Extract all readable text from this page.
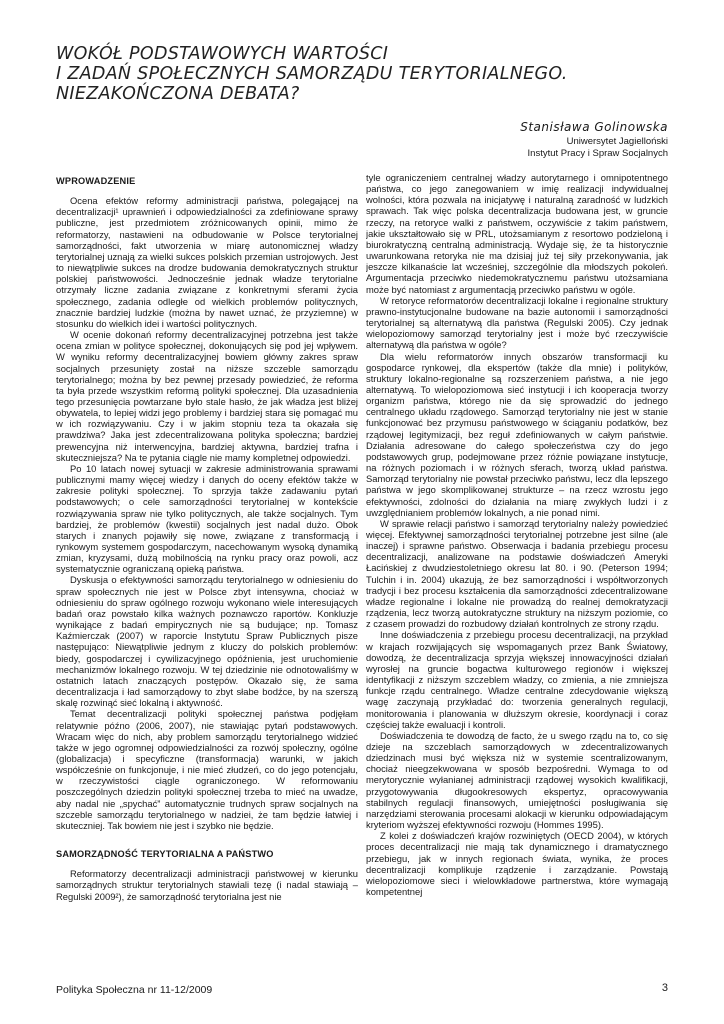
WOKÓŁ PODSTAWOWYCH WARTOŚCI
I ZADAŃ SPOŁECZNYCH SAMORZĄDU TERYTORIALNEGO.
NIEZAKOŃCZONA DEBATA?
Stanisława Golinowska
Uniwersytet Jagielloński
Instytut Pracy i Spraw Socjalnych
WPROWADZENIE

Ocena efektów reformy administracji państwa, polegającej na decentralizacji¹ uprawnień i odpowiedzialności za zdefiniowane sprawy publiczne, jest przedmiotem zróżnicowanych opinii, mimo że reformatorzy, nastawieni na odbudowanie w Polsce terytorialnej samorządności, fakt utworzenia w miarę autonomicznej władzy terytorialnej uznają za wielki sukces polskich przemian ustrojowych. Jest to niewątpliwie sukces na drodze budowania demokratycznych struktur polskiej państwowości. Jednocześnie jednak władze terytorialne otrzymały liczne zadania związane z konkretnymi sferami życia społecznego, zadania odległe od wielkich problemów politycznych, znacznie bardziej ludzkie (można by nawet uznać, że przyziemne) w stosunku do wielkich idei i wartości politycznych.

W ocenie dokonań reformy decentralizacyjnej potrzebna jest także ocena zmian w polityce społecznej, dokonujących się pod jej wpływem. W wyniku reformy decentralizacyjnej bowiem główny zakres spraw socjalnych przesunięty został na niższe szczeble samorządu terytorialnego; można by bez pewnej przesady powiedzieć, że reforma ta była przede wszystkim reformą polityki społecznej. Dla uzasadnienia tego przesunięcia powtarzane było stale hasło, że jak władza jest bliżej obywatela, to lepiej widzi jego problemy i bardziej stara się pomagać mu w ich rozwiązywaniu. Czy i w jakim stopniu teza ta okazała się prawdziwa? Jaka jest zdecentralizowana polityka społeczna; bardziej prewencyjna niż interwencyjna, bardziej aktywna, bardziej trafna i skuteczniejsza? Na te pytania ciągle nie mamy kompletnej odpowiedzi.

Po 10 latach nowej sytuacji w zakresie administrowania sprawami publicznymi mamy więcej wiedzy i danych do oceny efektów także w zakresie polityki społecznej. To sprzyja także zadawaniu pytań podstawowych; o cele samorządności terytorialnej w kontekście rozwiązywania spraw nie tylko politycznych, ale także socjalnych. Tym bardziej, że problemów (kwestii) socjalnych jest nadal dużo. Obok starych i znanych pojawiły się nowe, związane z transformacją i rynkowym systemem gospodarczym, nacechowanym wysoką dynamiką zmian, kryzysami, dużą mobilnością na rynku pracy oraz powoli, acz systematycznie ograniczaną opieką państwa.

Dyskusja o efektywności samorządu terytorialnego w odniesieniu do spraw społecznych nie jest w Polsce zbyt intensywna, chociaż w odniesieniu do spraw ogólnego rozwoju wykonano wiele interesujących badań oraz powstało kilka ważnych poznawczo raportów. Konkluzje wynikające z badań empirycznych nie są budujące; np. Tomasz Kaźmierczak (2007) w raporcie Instytutu Spraw Publicznych pisze następująco: Niewątpliwie jednym z kluczy do polskich problemów: biedy, gospodarczej i cywilizacyjnego opóźnienia, jest uruchomienie mechanizmów lokalnego rozwoju. W tej dziedzinie nie odnotowaliśmy w ostatnich latach znaczących postępów. Okazało się, że sama decentralizacja i ład samorządowy to zbyt słabe bodźce, by na szerszą skalę rozwinąć sieć lokalną i aktywność.

Temat decentralizacji polityki społecznej państwa podjęłam relatywnie późno (2006, 2007), nie stawiając pytań podstawowych. Wracam więc do nich, aby problem samorządu terytorialnego widzieć także w jego ogromnej odpowiedzialności za rozwój społeczny, ogólne (globalizacja) i specyficzne (transformacja) warunki, w jakich współcześnie on funkcjonuje, i nie mieć złudzeń, co do jego potencjału, w rzeczywistości ciągle ograniczonego. W reformowaniu poszczególnych dziedzin polityki społecznej trzeba to mieć na uwadze, aby nadal nie „spychać” automatycznie trudnych spraw socjalnych na szczeble samorządu terytorialnego w nadziei, że tam będzie łatwiej i skuteczniej. Tak bowiem nie jest i szybko nie będzie.

SAMORZĄDNOŚĆ TERYTORIALNA A PAŃSTWO

Reformatorzy decentralizacji administracji państwowej w kierunku samorządnych struktur terytorialnych stawiali tezę (i nadal stawiają – Regulski 2009²), że samorządność terytorialna jest nie

tyle ograniczeniem centralnej władzy autorytarnego i omnipotentnego państwa, co jego zanegowaniem w imię realizacji indywidualnej wolności, która pozwala na inicjatywę i naturalną zaradność w ludzkich sprawach. Tak więc polska decentralizacja budowana jest, w gruncie rzeczy, na retoryce walki z państwem, oczywiście z takim państwem, jakie ukształtowało się w PRL, utożsamianym z resortowo podzieloną i biurokratyczną centralną administracją. Wydaje się, że ta historycznie uwarunkowana retoryka nie ma dzisiaj już tej siły przekonywania, jak jeszcze kilkanaście lat wcześniej, szczególnie dla młodszych pokoleń. Argumentacja przeciwko niedemokratycznemu państwu utożsamiana może być natomiast z argumentacją przeciwko państwu w ogóle.

W retoryce reformatorów decentralizacji lokalne i regionalne struktury prawno-instytucjonalne budowane na bazie autonomii i samorządności terytorialnej są alternatywą dla państwa (Regulski 2005). Czy jednak wielopoziomowy samorząd terytorialny jest i może być rzeczywiście alternatywą dla państwa w ogóle?

Dla wielu reformatorów innych obszarów transformacji ku gospodarce rynkowej, dla ekspertów (także dla mnie) i polityków, struktury lokalno-regionalne są rozszerzeniem państwa, a nie jego alternatywą. To wielopoziomowa sieć instytucji i ich kooperacja tworzy organizm państwa, którego nie da się sprowadzić do jednego centralnego układu rządowego. Samorząd terytorialny nie jest w stanie funkcjonować bez przymusu państwowego w ściąganiu podatków, bez rządowej legitymizacji, bez reguł zdefiniowanych w całym państwie. Działania adresowane do całego społeczeństwa czy do jego podstawowych grup, podejmowane przez różnie powiązane instytucje, na różnych poziomach i w różnych sferach, tworzą układ państwa. Samorząd terytorialny nie powstał przeciwko państwu, lecz dla lepszego państwa w jego skomplikowanej strukturze – na rzecz wzrostu jego efektywności, zdolności do działania na miarę zwykłych ludzi i z uwzględnianiem problemów lokalnych, a nie ponad nimi.

W sprawie relacji państwo i samorząd terytorialny należy powiedzieć więcej. Efektywnej samorządności terytorialnej potrzebne jest silne (ale inaczej) i sprawne państwo. Obserwacja i badania przebiegu procesu decentralizacji, analizowane na podstawie doświadczeń Ameryki Łacińskiej z dwudziestoletniego okresu lat 80. i 90. (Peterson 1994; Tulchin i in. 2004) ukazują, że bez samorządności i współtworzonych tradycji i bez procesu kształcenia dla samorządności zdecentralizowane władze regionalne i lokalne nie prowadzą do realnej demokratyzacji rządzenia, lecz tworzą autokratyczne struktury na niższym poziomie, co z czasem prowadzi do rozbudowy działań kontrolnych ze strony rządu.

Inne doświadczenia z przebiegu procesu decentralizacji, na przykład w krajach rozwijających się wspomaganych przez Bank Światowy, dowodzą, że decentralizacja sprzyja większej innowacyjności działań wyrosłej na gruncie bogactwa kulturowego regionów i większej identyfikacji z niższym szczeblem władzy, co zmienia, a nie zmniejsza funkcje rządu centralnego. Władze centralne zdecydowanie większą wagę zaczynają przykładać do: tworzenia generalnych regulacji, monitorowania i planowania w dłuższym okresie, koordynacji i coraz częściej także ewaluacji i kontroli.

Doświadczenia te dowodzą de facto, że u swego rządu na to, co się dzieje na szczeblach samorządowych w zdecentralizowanych dziedzinach musi być większa niż w systemie scentralizowanym, chociaż nieegzekwowana w sposób bezpośredni. Wymaga to od merytorycznie wyłanianej administracji rządowej wysokich kwalifikacji, przygotowywania długookresowych ekspertyz, opracowywania stabilnych regulacji finansowych, umiejętności posługiwania się narzędziami sterowania procesami alokacji w kierunku odpowiadającym kryteriom wyższej efektywności rozwoju (Hommes 1995).

Z kolei z doświadczeń krajów rozwiniętych (OECD 2004), w których proces decentralizacji nie mają tak dynamicznego i dramatycznego przebiegu, jak w innych regionach świata, wynika, że proces decentralizacji komplikuje rządzenie i zarządzanie. Powstają wielopoziomowe sieci i wielowkładowe partnerstwa, które wymagają kompetentnej

Polityka Społeczna nr 11-12/2009	3
